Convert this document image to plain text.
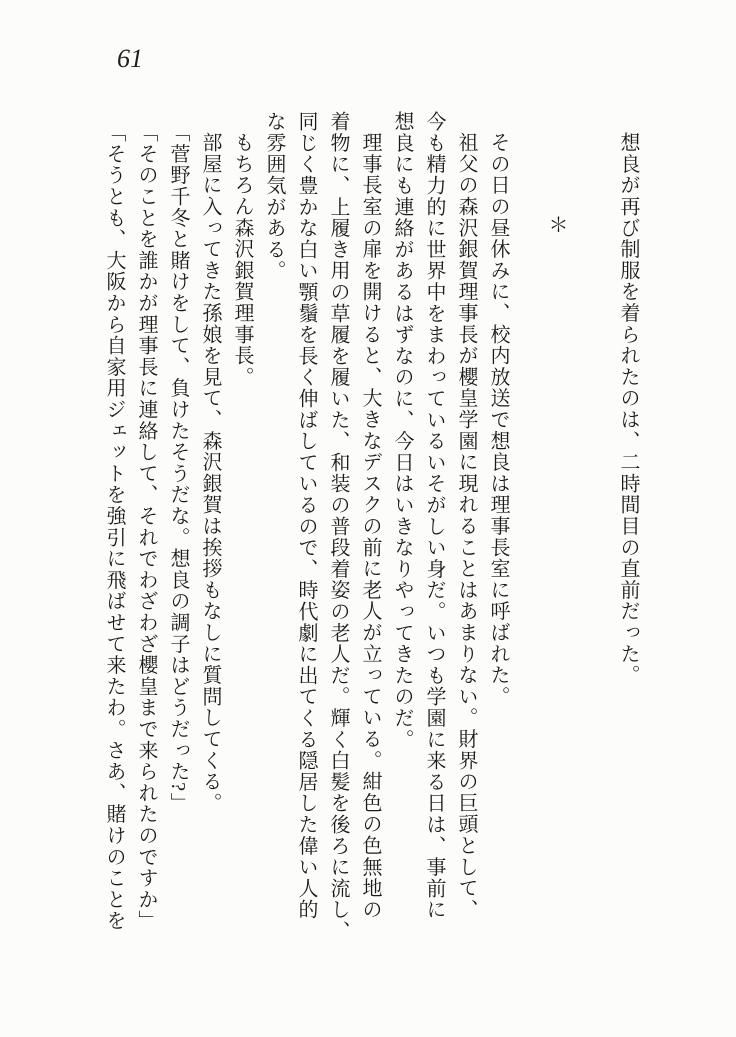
61

想良が再び制服を着られたのは、二時間目の直前だった。

＊

その日の昼休みに、校内放送で想良は理事長室に呼ばれた。

祖父の森沢銀賀理事長が櫻皇学園に現れることはあまりない。財界の巨頭として、

今も精力的に世界中をまわっているいそがしい身だ。いつも学園に来る日は、事前に

想良にも連絡があるはずなのに、今日はいきなりやってきたのだ。

理事長室の扉を開けると、大きなデスクの前に老人が立っている。紺色の色無地の

着物に、上履き用の草履を履いた、和装の普段着姿の老人だ。輝く白髪を後ろに流し、

同じく豊かな白い顎鬚を長く伸ばしているので、時代劇に出てくる隠居した偉い人的

な雰囲気がある。

もちろん森沢銀賀理事長。

部屋に入ってきた孫娘を見て、森沢銀賀は挨拶もなしに質問してくる。

「菅野千冬と賭けをして、負けたそうだな。想良の調子はどうだった?」

「そのことを誰かが理事長に連絡して、それでわざわざ櫻皇まで来られたのですか」

「そうとも、大阪から自家用ジェットを強引に飛ばせて来たわ。さあ、賭けのことを
